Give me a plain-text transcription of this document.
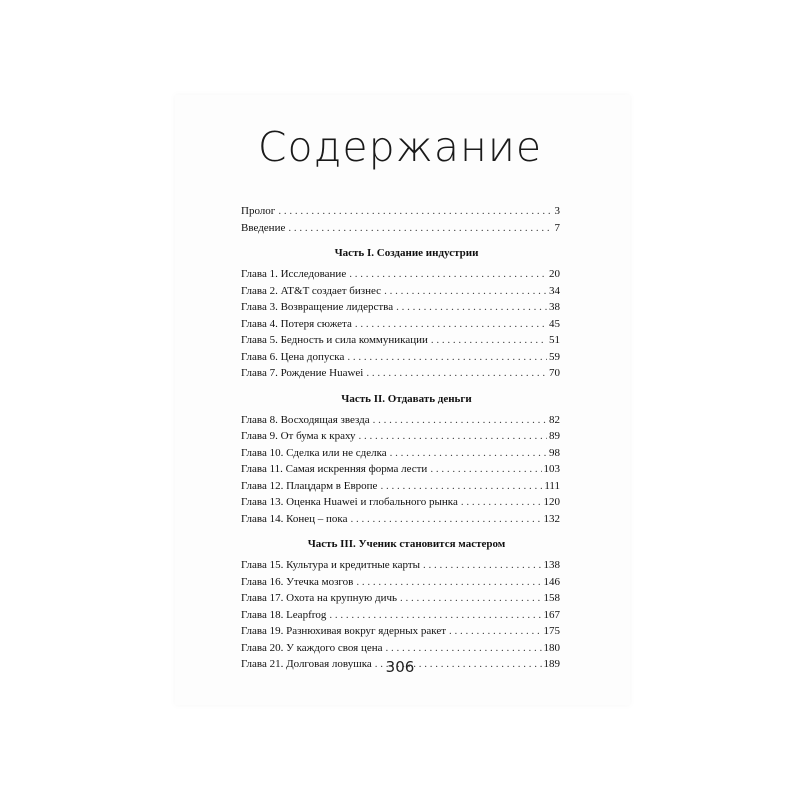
Содержание
Пролог . . .	3
Введение . . .	7
Часть I. Создание индустрии
Глава 1. Исследование . . .	20
Глава 2. AT&T создает бизнес . . .	34
Глава 3. Возвращение лидерства . . .	38
Глава 4. Потеря сюжета . . .	45
Глава 5. Бедность и сила коммуникации . . .	51
Глава 6. Цена допуска . . .	59
Глава 7. Рождение Huawei . . .	70
Часть II. Отдавать деньги
Глава 8. Восходящая звезда . . .	82
Глава 9. От бума к краху . . .	89
Глава 10. Сделка или не сделка . . .	98
Глава 11. Самая искренняя форма лести . . .	103
Глава 12. Плацдарм в Европе . . .	111
Глава 13. Оценка Huawei и глобального рынка . . .	120
Глава 14. Конец – пока . . .	132
Часть III. Ученик становится мастером
Глава 15. Культура и кредитные карты . . .	138
Глава 16. Утечка мозгов . . .	146
Глава 17. Охота на крупную дичь . . .	158
Глава 18. Leapfrog . . .	167
Глава 19. Разнюхивая вокруг ядерных ракет . . .	175
Глава 20. У каждого своя цена . . .	180
Глава 21. Долговая ловушка . . .	189
306
